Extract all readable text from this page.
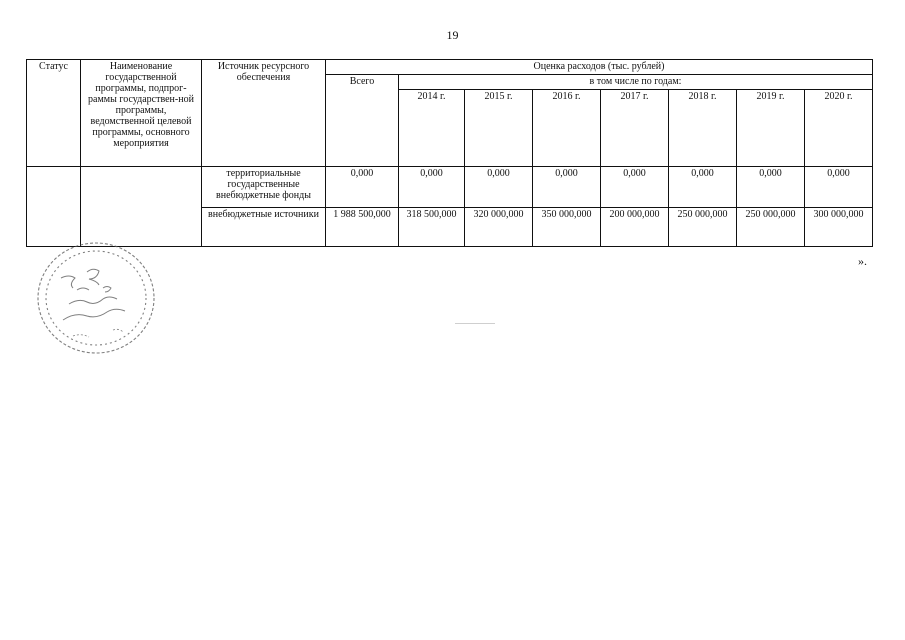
19
Статус	Наименование государственной программы, подпрог-раммы государствен-ной программы, ведомственной целевой программы, основного мероприятия	Источник ресурсного обеспечения	Оценка расходов (тыс. рублей)							
			Всего	в том числе по годам:						
				2014 г.	2015 г.	2016 г.	2017 г.	2018 г.	2019 г.	2020 г.
		территориальные государственные внебюджетные фонды	0,000	0,000	0,000	0,000	0,000	0,000	0,000	0,000
		внебюджетные источники	1 988 500,000	318 500,000	320 000,000	350 000,000	200 000,000	250 000,000	250 000,000	300 000,000
».
